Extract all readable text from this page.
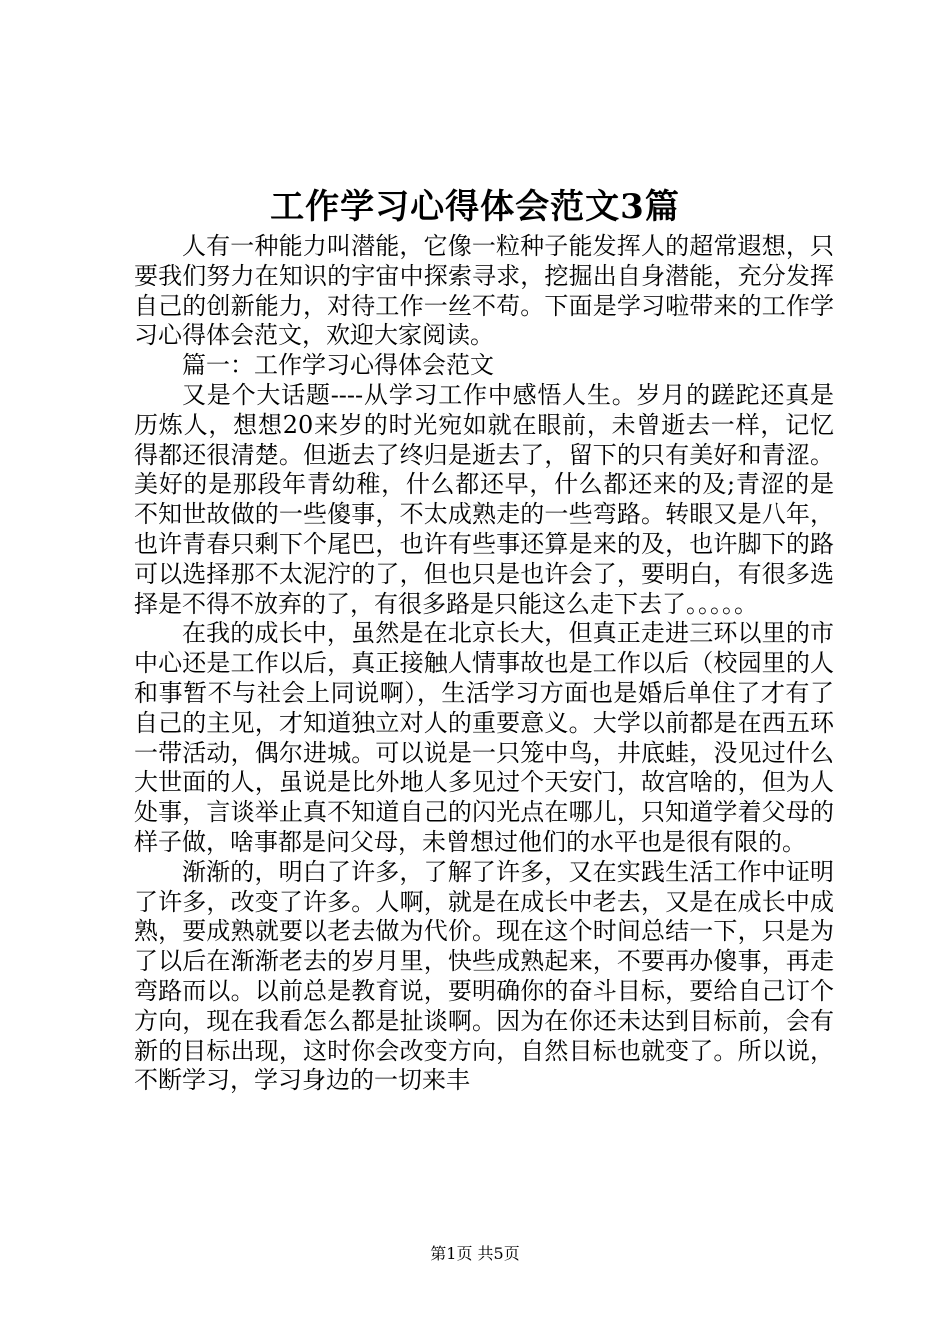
工作学习心得体会范文3篇

人有一种能力叫潜能，它像一粒种子能发挥人的超常遐想，只要我们努力在知识的宇宙中探索寻求，挖掘出自身潜能，充分发挥自己的创新能力，对待工作一丝不苟。下面是学习啦带来的工作学习心得体会范文，欢迎大家阅读。

篇一：工作学习心得体会范文

又是个大话题----从学习工作中感悟人生。岁月的蹉跎还真是历炼人，想想20来岁的时光宛如就在眼前，未曾逝去一样，记忆得都还很清楚。但逝去了终归是逝去了，留下的只有美好和青涩。美好的是那段年青幼稚，什么都还早，什么都还来的及;青涩的是不知世故做的一些傻事，不太成熟走的一些弯路。转眼又是八年，也许青春只剩下个尾巴，也许有些事还算是来的及，也许脚下的路可以选择那不太泥泞的了，但也只是也许会了，要明白，有很多选择是不得不放弃的了，有很多路是只能这么走下去了。。。。。

在我的成长中，虽然是在北京长大，但真正走进三环以里的市中心还是工作以后，真正接触人情事故也是工作以后（校园里的人和事暂不与社会上同说啊），生活学习方面也是婚后单住了才有了自己的主见，才知道独立对人的重要意义。大学以前都是在西五环一带活动，偶尔进城。可以说是一只笼中鸟，井底蛙，没见过什么大世面的人，虽说是比外地人多见过个天安门，故宫啥的，但为人处事，言谈举止真不知道自己的闪光点在哪儿，只知道学着父母的样子做，啥事都是问父母，未曾想过他们的水平也是很有限的。

渐渐的，明白了许多，了解了许多，又在实践生活工作中证明了许多，改变了许多。人啊，就是在成长中老去，又是在成长中成熟，要成熟就要以老去做为代价。现在这个时间总结一下，只是为了以后在渐渐老去的岁月里，快些成熟起来，不要再办傻事，再走弯路而以。以前总是教育说，要明确你的奋斗目标，要给自己订个方向，现在我看怎么都是扯谈啊。因为在你还未达到目标前，会有新的目标出现，这时你会改变方向，自然目标也就变了。所以说，不断学习，学习身边的一切来丰

第1页 共5页
